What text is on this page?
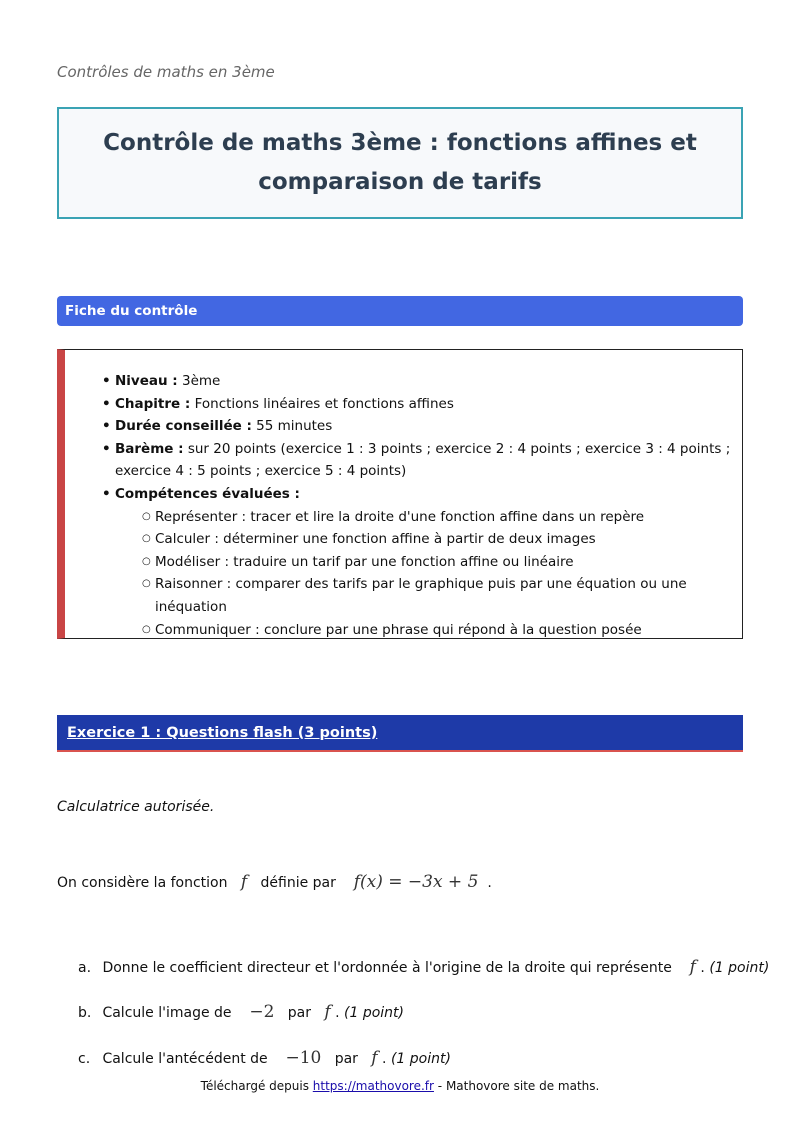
Contrôles de maths en 3ème
Contrôle de maths 3ème : fonctions affines et comparaison de tarifs
Fiche du contrôle
• Niveau : 3ème
• Chapitre : Fonctions linéaires et fonctions affines
• Durée conseillée : 55 minutes
• Barème : sur 20 points (exercice 1 : 3 points ; exercice 2 : 4 points ; exercice 3 : 4 points ; exercice 4 : 5 points ; exercice 5 : 4 points)
• Compétences évaluées :
○ Représenter : tracer et lire la droite d'une fonction affine dans un repère
○ Calculer : déterminer une fonction affine à partir de deux images
○ Modéliser : traduire un tarif par une fonction affine ou linéaire
○ Raisonner : comparer des tarifs par le graphique puis par une équation ou une inéquation
○ Communiquer : conclure par une phrase qui répond à la question posée
Exercice 1 : Questions flash (3 points)
Calculatrice autorisée.
On considère la fonction f définie par f(x) = −3x + 5 .
a. Donne le coefficient directeur et l'ordonnée à l'origine de la droite qui représente f . (1 point)
b. Calcule l'image de −2 par f . (1 point)
c. Calcule l'antécédent de −10 par f . (1 point)
Téléchargé depuis https://mathovore.fr - Mathovore site de maths.
